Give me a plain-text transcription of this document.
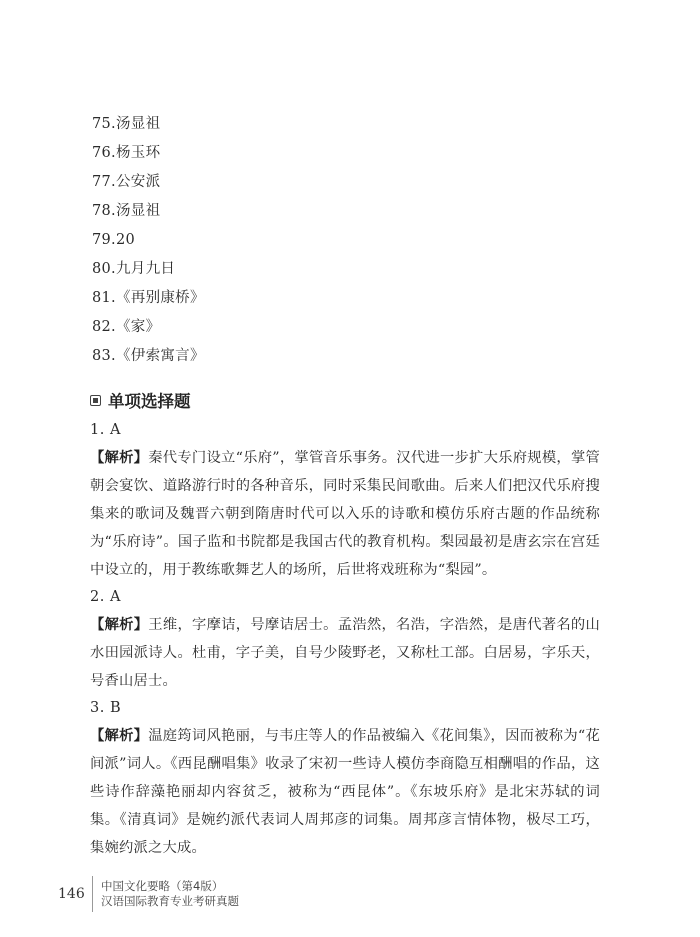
75.汤显祖
76.杨玉环
77.公安派
78.汤显祖
79.20
80.九月九日
81.《再别康桥》
82.《家》
83.《伊索寓言》
单项选择题
1. A
【解析】秦代专门设立“乐府”，掌管音乐事务。汉代进一步扩大乐府规模，掌管朝会宴饮、道路游行时的各种音乐，同时采集民间歌曲。后来人们把汉代乐府搜集来的歌词及魏晋六朝到隋唐时代可以入乐的诗歌和模仿乐府古题的作品统称为“乐府诗”。国子监和书院都是我国古代的教育机构。梨园最初是唐玄宗在宫廷中设立的，用于教练歌舞艺人的场所，后世将戏班称为“梨园”。
2. A
【解析】王维，字摩诘，号摩诘居士。孟浩然，名浩，字浩然，是唐代著名的山水田园派诗人。杜甫，字子美，自号少陵野老，又称杜工部。白居易，字乐天，号香山居士。
3. B
【解析】温庭筠词风艳丽，与韦庄等人的作品被编入《花间集》，因而被称为“花间派”词人。《西昆酬唱集》收录了宋初一些诗人模仿李商隐互相酬唱的作品，这些诗作辞藻艳丽却内容贫乏，被称为“西昆体”。《东坡乐府》是北宋苏轼的词集。《清真词》是婉约派代表词人周邦彦的词集。周邦彦言情体物，极尽工巧，集婉约派之大成。
146	中国文化要略（第4版）
汉语国际教育专业考研真题
